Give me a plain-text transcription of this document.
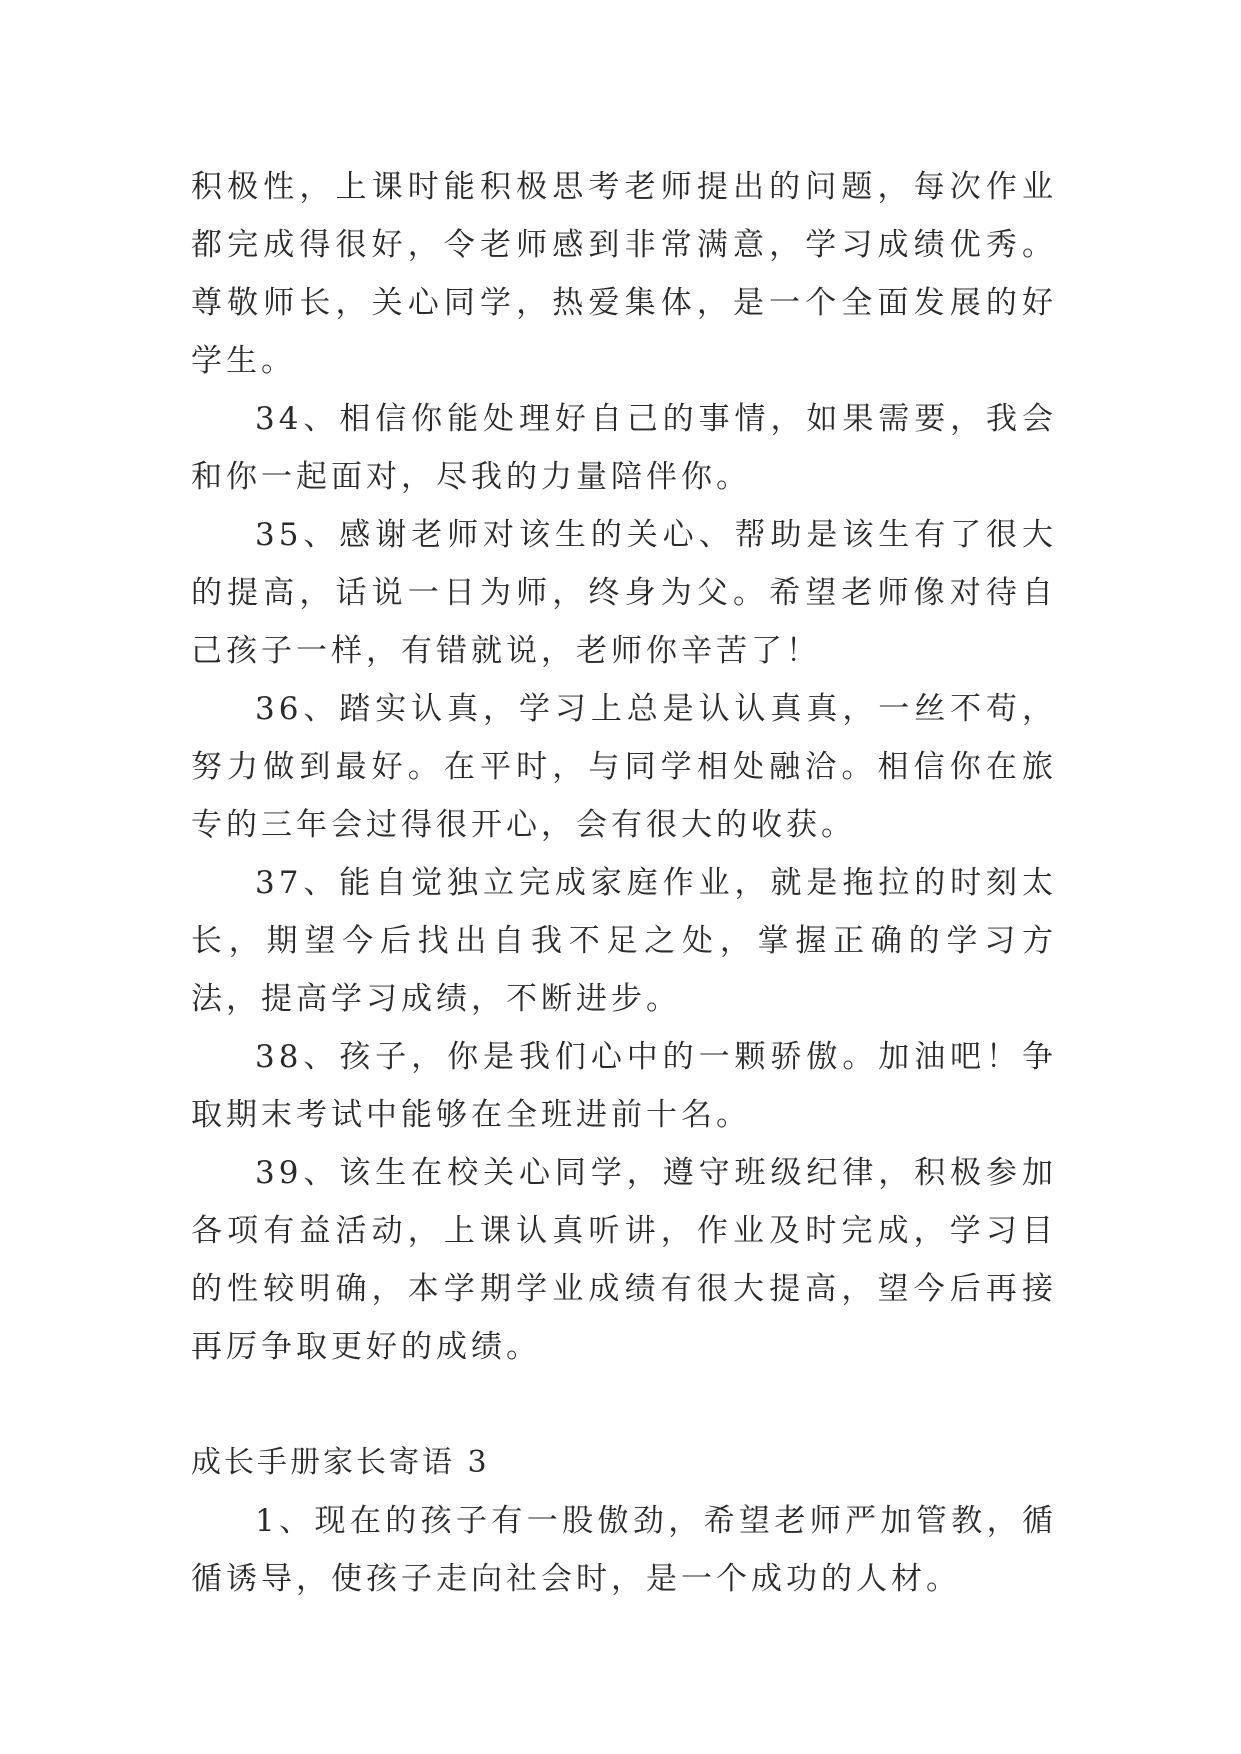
积极性，上课时能积极思考老师提出的问题，每次作业都完成得很好，令老师感到非常满意，学习成绩优秀。尊敬师长，关心同学，热爱集体，是一个全面发展的好学生。

34、相信你能处理好自己的事情，如果需要，我会和你一起面对，尽我的力量陪伴你。

35、感谢老师对该生的关心、帮助是该生有了很大的提高，话说一日为师，终身为父。希望老师像对待自己孩子一样，有错就说，老师你辛苦了！

36、踏实认真，学习上总是认认真真，一丝不苟，努力做到最好。在平时，与同学相处融洽。相信你在旅专的三年会过得很开心，会有很大的收获。

37、能自觉独立完成家庭作业，就是拖拉的时刻太长，期望今后找出自我不足之处，掌握正确的学习方法，提高学习成绩，不断进步。

38、孩子，你是我们心中的一颗骄傲。加油吧！争取期末考试中能够在全班进前十名。

39、该生在校关心同学，遵守班级纪律，积极参加各项有益活动，上课认真听讲，作业及时完成，学习目的性较明确，本学期学业成绩有很大提高，望今后再接再厉争取更好的成绩。

成长手册家长寄语 3

1、现在的孩子有一股傲劲，希望老师严加管教，循循诱导，使孩子走向社会时，是一个成功的人材。
